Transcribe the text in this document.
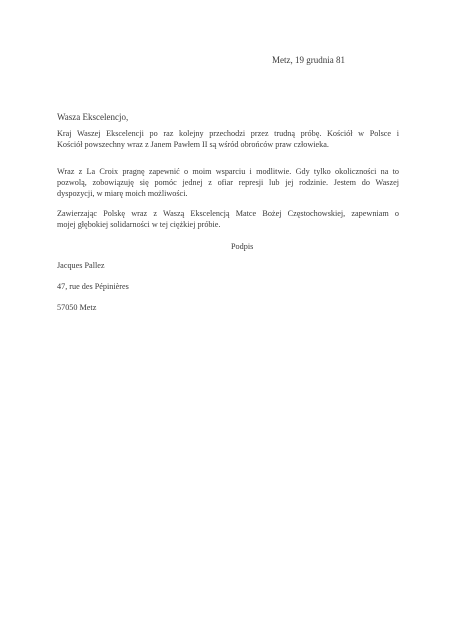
Metz, 19 grudnia 81
Wasza Ekscelencjo,
Kraj Waszej Ekscelencji po raz kolejny przechodzi przez trudną próbę. Kościół w Polsce i
Kościół powszechny wraz z Janem Pawłem II są wśród obrońców praw człowieka.
Wraz z La Croix pragnę zapewnić o moim wsparciu i modlitwie. Gdy tylko okoliczności na to
pozwolą, zobowiązuję się pomóc jednej z ofiar represji lub jej rodzinie. Jestem do Waszej
dyspozycji, w miarę moich możliwości.
Zawierzając Polskę wraz z Waszą Ekscelencją Matce Bożej Częstochowskiej, zapewniam o
mojej głębokiej solidarności w tej ciężkiej próbie.
Podpis
Jacques Pallez
47, rue des Pépinières
57050 Metz
